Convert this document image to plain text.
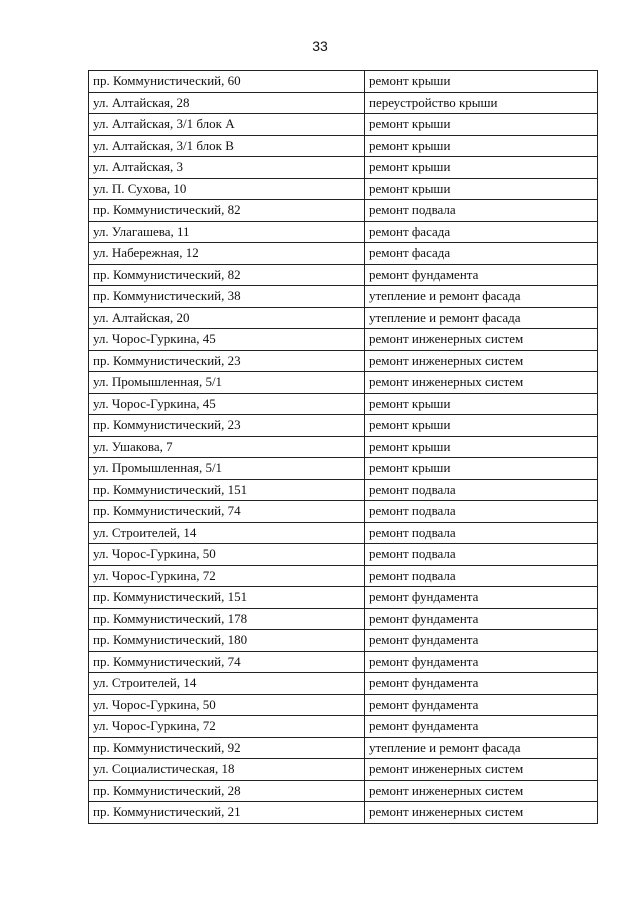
33
пр. Коммунистический, 60	ремонт крыши
ул. Алтайская, 28	переустройство крыши
ул. Алтайская, 3/1 блок А	ремонт крыши
ул. Алтайская, 3/1 блок В	ремонт крыши
ул. Алтайская, 3	ремонт крыши
ул. П. Сухова, 10	ремонт крыши
пр. Коммунистический, 82	ремонт подвала
ул. Улагашева, 11	ремонт фасада
ул. Набережная, 12	ремонт фасада
пр. Коммунистический, 82	ремонт фундамента
пр. Коммунистический, 38	утепление и ремонт фасада
ул. Алтайская, 20	утепление и ремонт фасада
ул. Чорос-Гуркина, 45	ремонт инженерных систем
пр. Коммунистический, 23	ремонт инженерных систем
ул. Промышленная, 5/1	ремонт инженерных систем
ул. Чорос-Гуркина, 45	ремонт крыши
пр. Коммунистический, 23	ремонт крыши
ул. Ушакова, 7	ремонт крыши
ул. Промышленная, 5/1	ремонт крыши
пр. Коммунистический, 151	ремонт подвала
пр. Коммунистический, 74	ремонт подвала
ул. Строителей, 14	ремонт подвала
ул. Чорос-Гуркина, 50	ремонт подвала
ул. Чорос-Гуркина, 72	ремонт подвала
пр. Коммунистический, 151	ремонт фундамента
пр. Коммунистический, 178	ремонт фундамента
пр. Коммунистический, 180	ремонт фундамента
пр. Коммунистический, 74	ремонт фундамента
ул. Строителей, 14	ремонт фундамента
ул. Чорос-Гуркина, 50	ремонт фундамента
ул. Чорос-Гуркина, 72	ремонт фундамента
пр. Коммунистический, 92	утепление и ремонт фасада
ул. Социалистическая, 18	ремонт инженерных систем
пр. Коммунистический, 28	ремонт инженерных систем
пр. Коммунистический, 21	ремонт инженерных систем
